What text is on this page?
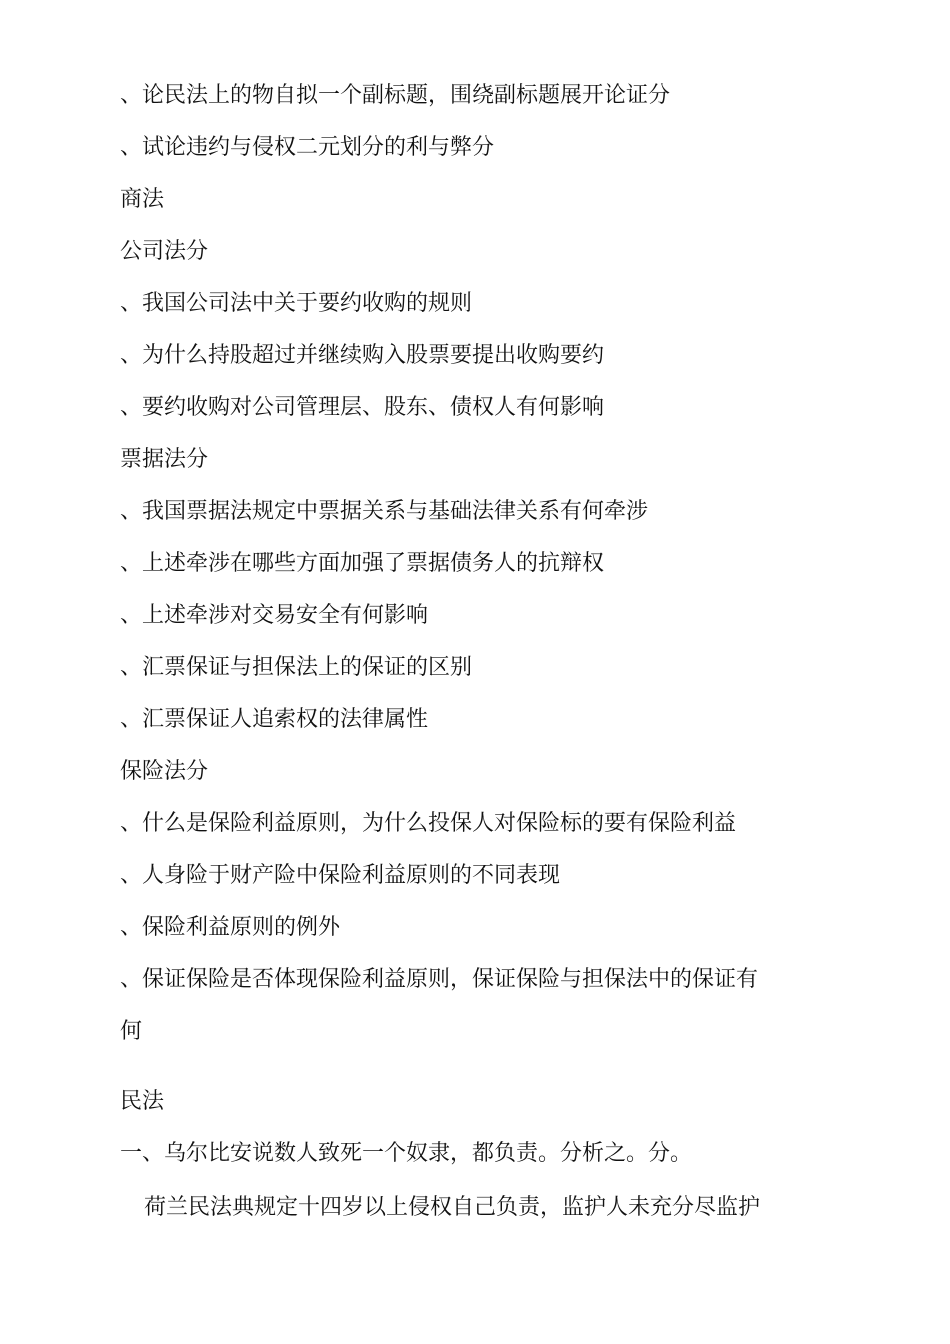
、论民法上的物自拟一个副标题，围绕副标题展开论证分
、试论违约与侵权二元划分的利与弊分
商法
公司法分
、我国公司法中关于要约收购的规则
、为什么持股超过并继续购入股票要提出收购要约
、要约收购对公司管理层、股东、债权人有何影响
票据法分
、我国票据法规定中票据关系与基础法律关系有何牵涉
、上述牵涉在哪些方面加强了票据债务人的抗辩权
、上述牵涉对交易安全有何影响
、汇票保证与担保法上的保证的区别
、汇票保证人追索权的法律属性
保险法分
、什么是保险利益原则，为什么投保人对保险标的要有保险利益
、人身险于财产险中保险利益原则的不同表现
、保险利益原则的例外
、保证保险是否体现保险利益原则，保证保险与担保法中的保证有
何
民法
一、乌尔比安说数人致死一个奴隶，都负责。分析之。分。
荷兰民法典规定十四岁以上侵权自己负责，监护人未充分尽监护
